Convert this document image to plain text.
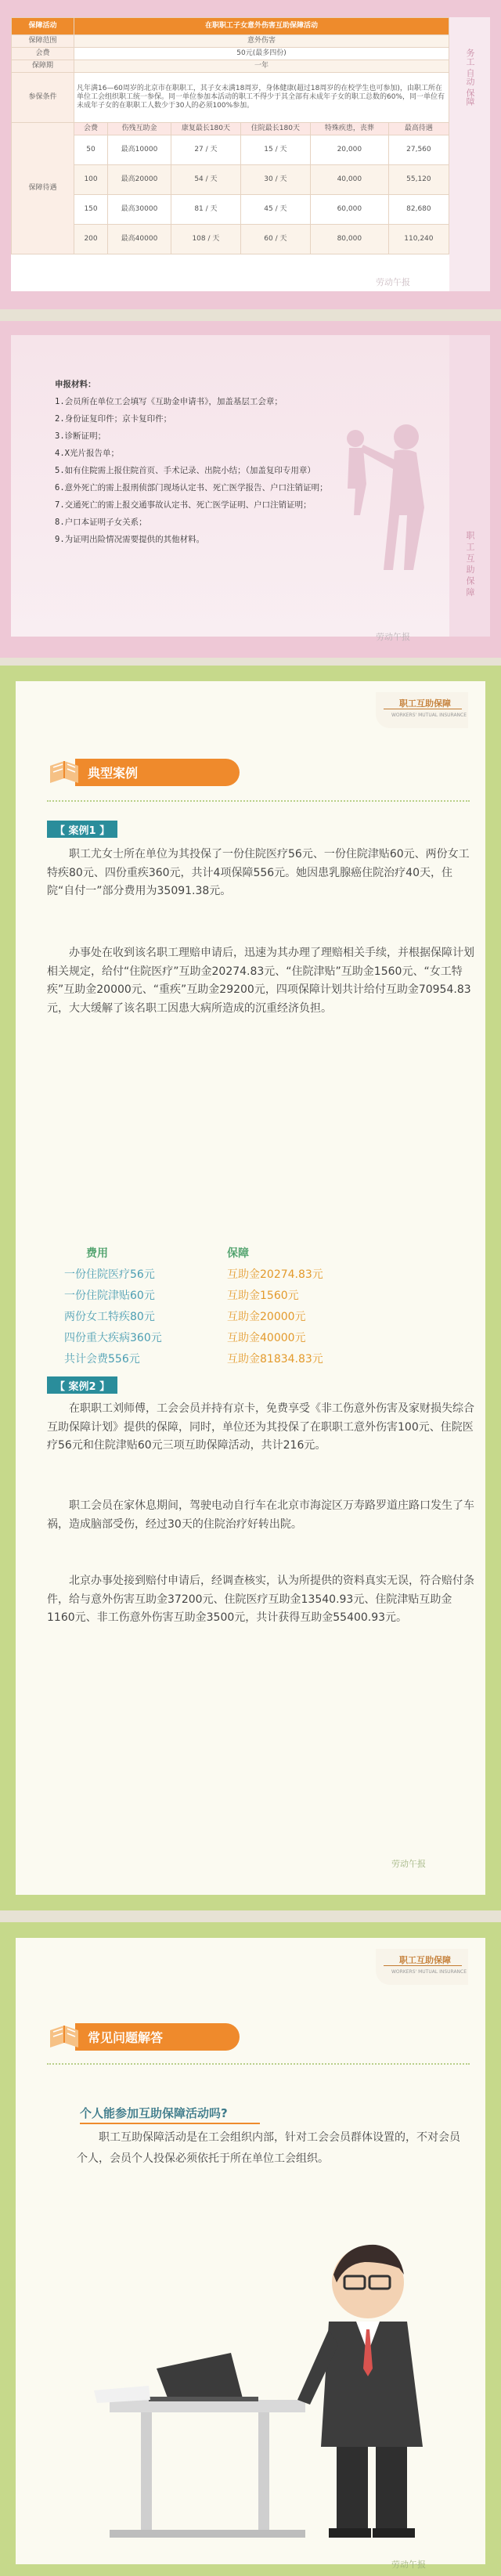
保障活动	在职职工子女意外伤害互助保障活动					
保障范围	意外伤害					
会费	50元(最多四份)					
保障期	一年					
参保条件	凡年满16—60周岁的北京市在职职工，其子女未满18周岁，身体健康(超过18周岁的在校学生也可参加)，由职工所在单位工会组织职工统一参保。同一单位参加本活动的职工不得少于其全部有未成年子女的职工总数的60%，同一单位有未成年子女的在职职工人数少于30人的必须100%参加。					
保障待遇	会费	伤残互助金	康复最长180天	住院最长180天	特殊疾患，丧葬	最高待遇
	50	最高10000	27 / 天	15 / 天	20,000	27,560
	100	最高20000	54 / 天	30 / 天	40,000	55,120
	150	最高30000	81 / 天	45 / 天	60,000	82,680
	200	最高40000	108 / 天	60 / 天	80,000	110,240
务工 自动 保障
劳动午报
申报材料：
1.会员所在单位工会填写《互助金申请书》，加盖基层工会章；
2.身份证复印件；京卡复印件；
3.诊断证明；
4.X光片报告单；
5.如有住院需上报住院首页、手术记录、出院小结；（加盖复印专用章）
6.意外死亡的需上报刑侦部门现场认定书、死亡医学报告、户口注销证明；
7.交通死亡的需上报交通事故认定书、死亡医学证明、户口注销证明；
8.户口本证明子女关系；
9.为证明出险情况需要提供的其他材料。	职 工 互 助 保 障
劳动午报
职工互助保障
WORKERS' MUTUAL INSURANCE
典型案例
【 案例1 】

职工尤女士所在单位为其投保了一份住院医疗56元、一份住院津贴60元、两份女工特疾80元、四份重疾360元，共计4项保障556元。她因患乳腺癌住院治疗40天，住院“自付一”部分费用为35091.38元。

办事处在收到该名职工理赔申请后，迅速为其办理了理赔相关手续，并根据保障计划相关规定，给付“住院医疗”互助金20274.83元、“住院津贴”互助金1560元、“女工特疾”互助金20000元、“重疾”互助金29200元，四项保障计划共计给付互助金70954.83元，大大缓解了该名职工因患大病所造成的沉重经济负担。

费用	保障
一份住院医疗56元	互助金20274.83元
一份住院津贴60元	互助金1560元
两份女工特疾80元	互助金20000元
四份重大疾病360元	互助金40000元
共计会费556元	互助金81834.83元
【 案例2 】

在职职工刘师傅，工会会员并持有京卡，免费享受《非工伤意外伤害及家财损失综合互助保障计划》提供的保障，同时，单位还为其投保了在职职工意外伤害100元、住院医疗56元和住院津贴60元三项互助保障活动，共计216元。

职工会员在家休息期间，驾驶电动自行车在北京市海淀区万寿路罗道庄路口发生了车祸，造成脑部受伤，经过30天的住院治疗好转出院。

北京办事处接到赔付申请后，经调查核实，认为所提供的资料真实无误，符合赔付条件，给与意外伤害互助金37200元、住院医疗互助金13540.93元、住院津贴互助金1160元、非工伤意外伤害互助金3500元，共计获得互助金55400.93元。

劳动午报
职工互助保障
WORKERS' MUTUAL INSURANCE
常见问题解答
个人能参加互助保障活动吗?

职工互助保障活动是在工会组织内部，针对工会会员群体设置的，不对会员个人，会员个人投保必须依托于所在单位工会组织。

劳动午报
